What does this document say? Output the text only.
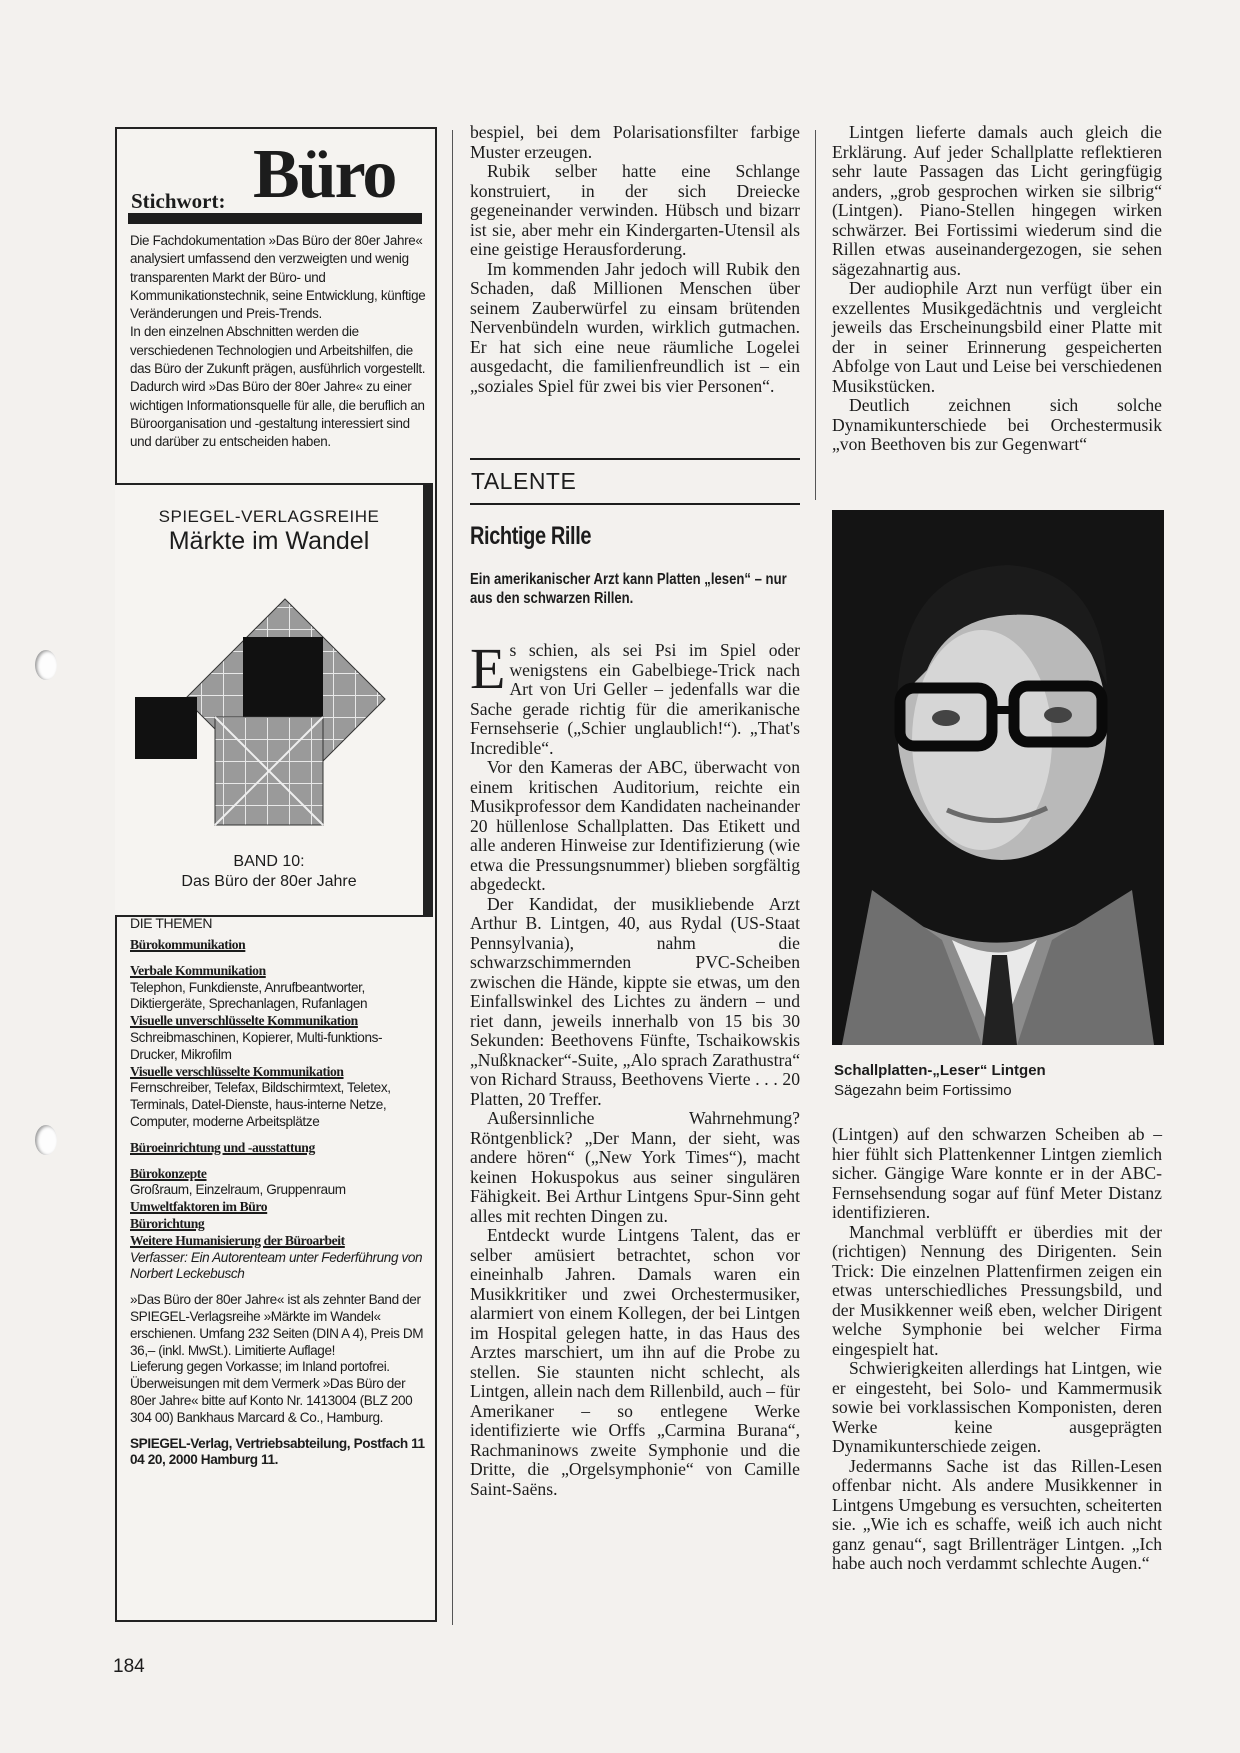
Stichwort: Büro

Die Fachdokumentation »Das Büro der 80er Jahre« analysiert umfassend den verzweigten und wenig transparenten Markt der Büro- und Kommunikationstechnik, seine Entwicklung, künftige Veränderungen und Preis-Trends.

In den einzelnen Abschnitten werden die verschiedenen Technologien und Arbeitshilfen, die das Büro der Zukunft prägen, ausführlich vorgestellt.

Dadurch wird »Das Büro der 80er Jahre« zu einer wichtigen Informationsquelle für alle, die beruflich an Büroorganisation und -gestaltung interessiert sind und darüber zu entscheiden haben.

SPIEGEL-VERLAGSREIHE
Märkte im Wandel
BAND 10:
Das Büro der 80er Jahre
DIE THEMEN
Bürokommunikation
Verbale Kommunikation
Telephon, Funkdienste, Anrufbeantworter, Diktiergeräte, Sprechanlagen, Rufanlagen
Visuelle unverschlüsselte Kommunikation
Schreibmaschinen, Kopierer, Multi-funktions-Drucker, Mikrofilm
Visuelle verschlüsselte Kommunikation
Fernschreiber, Telefax, Bildschirmtext, Teletex, Terminals, Datel-Dienste, haus-interne Netze, Computer, moderne Arbeitsplätze
Büroeinrichtung und -ausstattung
Bürokonzepte
Großraum, Einzelraum, Gruppenraum
Umweltfaktoren im Büro
Bürorichtung
Weitere Humanisierung der Büroarbeit
Verfasser: Ein Autorenteam unter Federführung von Norbert Leckebusch
»Das Büro der 80er Jahre« ist als zehnter Band der SPIEGEL-Verlagsreihe »Märkte im Wandel« erschienen. Umfang 232 Seiten (DIN A 4), Preis DM 36,– (inkl. MwSt.). Limitierte Auflage!
Lieferung gegen Vorkasse; im Inland portofrei. Überweisungen mit dem Vermerk »Das Büro der 80er Jahre« bitte auf Konto Nr. 1413004 (BLZ 200 304 00) Bankhaus Marcard & Co., Hamburg.
SPIEGEL-Verlag, Vertriebsabteilung, Postfach 11 04 20, 2000 Hamburg 11.

bespiel, bei dem Polarisationsfilter farbige Muster erzeugen.

Rubik selber hatte eine Schlange konstruiert, in der sich Dreiecke gegeneinander verwinden. Hübsch und bizarr ist sie, aber mehr ein Kindergarten-Utensil als eine geistige Herausforderung.

Im kommenden Jahr jedoch will Rubik den Schaden, daß Millionen Menschen über seinem Zauberwürfel zu einsam brütenden Nervenbündeln wurden, wirklich gutmachen. Er hat sich eine neue räumliche Logelei ausgedacht, die familienfreundlich ist – ein „soziales Spiel für zwei bis vier Personen“.

TALENTE
Richtige Rille
Ein amerikanischer Arzt kann Platten „lesen“ – nur aus den schwarzen Rillen.

Es schien, als sei Psi im Spiel oder wenigstens ein Gabelbiege-Trick nach Art von Uri Geller – jedenfalls war die Sache gerade richtig für die amerikanische Fernsehserie („Schier unglaublich!“). „That's Incredible“.

Vor den Kameras der ABC, überwacht von einem kritischen Auditorium, reichte ein Musikprofessor dem Kandidaten nacheinander 20 hüllenlose Schallplatten. Das Etikett und alle anderen Hinweise zur Identifizierung (wie etwa die Pressungsnummer) blieben sorgfältig abgedeckt.

Der Kandidat, der musikliebende Arzt Arthur B. Lintgen, 40, aus Rydal (US-Staat Pennsylvania), nahm die schwarzschimmernden PVC-Scheiben zwischen die Hände, kippte sie etwas, um den Einfallswinkel des Lichtes zu ändern – und riet dann, jeweils innerhalb von 15 bis 30 Sekunden: Beethovens Fünfte, Tschaikowskis „Nußknacker“-Suite, „Alo sprach Zarathustra“ von Richard Strauss, Beethovens Vierte . . . 20 Platten, 20 Treffer.

Außersinnliche Wahrnehmung? Röntgenblick? „Der Mann, der sieht, was andere hören“ („New York Times“), macht keinen Hokuspokus aus seiner singulären Fähigkeit. Bei Arthur Lintgens Spur-Sinn geht alles mit rechten Dingen zu.

Entdeckt wurde Lintgens Talent, das er selber amüsiert betrachtet, schon vor eineinhalb Jahren. Damals waren ein Musikkritiker und zwei Orchestermusiker, alarmiert von einem Kollegen, der bei Lintgen im Hospital gelegen hatte, in das Haus des Arztes marschiert, um ihn auf die Probe zu stellen. Sie staunten nicht schlecht, als Lintgen, allein nach dem Rillenbild, auch – für Amerikaner – so entlegene Werke identifizierte wie Orffs „Carmina Burana“, Rachmaninows zweite Symphonie und die Dritte, die „Orgelsymphonie“ von Camille Saint-Saëns.

Lintgen lieferte damals auch gleich die Erklärung. Auf jeder Schallplatte reflektieren sehr laute Passagen das Licht geringfügig anders, „grob gesprochen wirken sie silbrig“ (Lintgen). Piano-Stellen hingegen wirken schwärzer. Bei Fortissimi wiederum sind die Rillen etwas auseinandergezogen, sie sehen sägezahnartig aus.

Der audiophile Arzt nun verfügt über ein exzellentes Musikgedächtnis und vergleicht jeweils das Erscheinungsbild einer Platte mit der in seiner Erinnerung gespeicherten Abfolge von Laut und Leise bei verschiedenen Musikstücken.

Deutlich zeichnen sich solche Dynamikunterschiede bei Orchestermusik „von Beethoven bis zur Gegenwart“

Schallplatten-„Leser“ Lintgen
Sägezahn beim Fortissimo

(Lintgen) auf den schwarzen Scheiben ab – hier fühlt sich Plattenkenner Lintgen ziemlich sicher. Gängige Ware konnte er in der ABC-Fernsehsendung sogar auf fünf Meter Distanz identifizieren.

Manchmal verblüfft er überdies mit der (richtigen) Nennung des Dirigenten. Sein Trick: Die einzelnen Plattenfirmen zeigen ein etwas unterschiedliches Pressungsbild, und der Musikkenner weiß eben, welcher Dirigent welche Symphonie bei welcher Firma eingespielt hat.

Schwierigkeiten allerdings hat Lintgen, wie er eingesteht, bei Solo- und Kammermusik sowie bei vorklassischen Komponisten, deren Werke keine ausgeprägten Dynamikunterschiede zeigen.

Jedermanns Sache ist das Rillen-Lesen offenbar nicht. Als andere Musikkenner in Lintgens Umgebung es versuchten, scheiterten sie. „Wie ich es schaffe, weiß ich auch nicht ganz genau“, sagt Brillenträger Lintgen. „Ich habe auch noch verdammt schlechte Augen.“

184
